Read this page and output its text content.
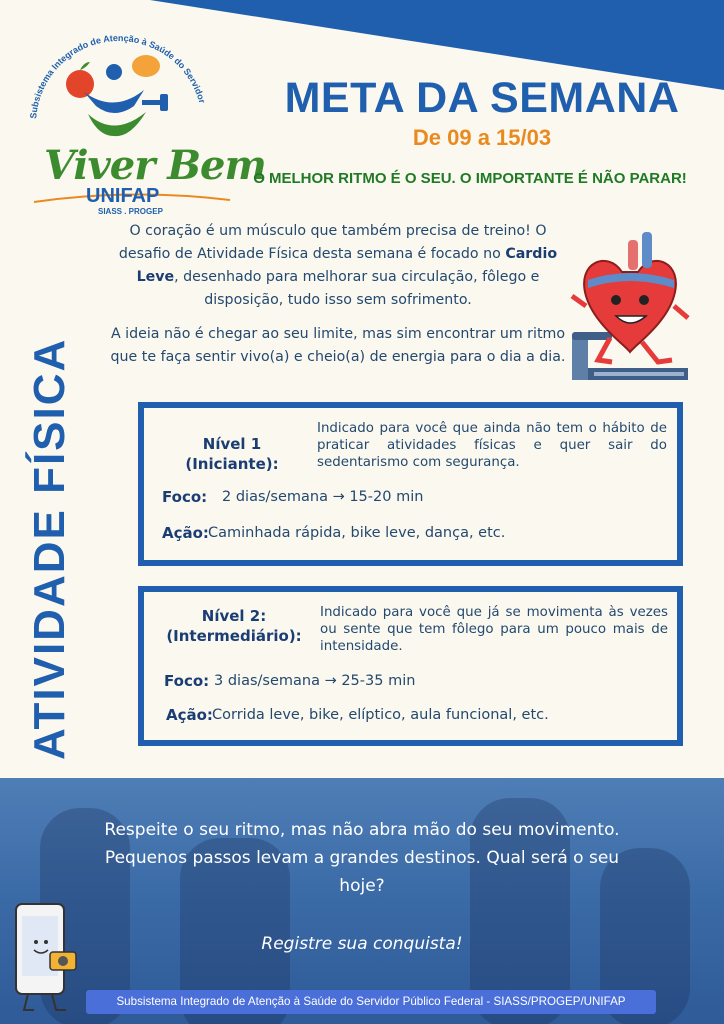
Subsistema Integrado de Atenção à Saúde do Servidor
Viver Bem
UNIFAP
SIASS . PROGEP
META DA SEMANA
De 09 a 15/03
O MELHOR RITMO É O SEU. O IMPORTANTE É NÃO PARAR!
ATIVIDADE FÍSICA

O coração é um músculo que também precisa de treino! O desafio de Atividade Física desta semana é focado no Cardio Leve, desenhado para melhorar sua circulação, fôlego e disposição, tudo isso sem sofrimento.

A ideia não é chegar ao seu limite, mas sim encontrar um ritmo que te faça sentir vivo(a) e cheio(a) de energia para o dia a dia.

Nível 1 (Iniciante):
Indicado para você que ainda não tem o hábito de praticar atividades físicas e quer sair do sedentarismo com segurança.
Foco: 2 dias/semana → 15-20 min
Ação: Caminhada rápida, bike leve, dança, etc.
Nível 2:
(Intermediário):
Indicado para você que já se movimenta às vezes ou sente que tem fôlego para um pouco mais de intensidade.
Foco: 3 dias/semana → 25-35 min
Ação: Corrida leve, bike, elíptico, aula funcional, etc.
Respeite o seu ritmo, mas não abra mão do seu movimento. Pequenos passos levam a grandes destinos. Qual será o seu hoje?
Registre sua conquista!
Subsistema Integrado de Atenção à Saúde do Servidor Público Federal - SIASS/PROGEP/UNIFAP
